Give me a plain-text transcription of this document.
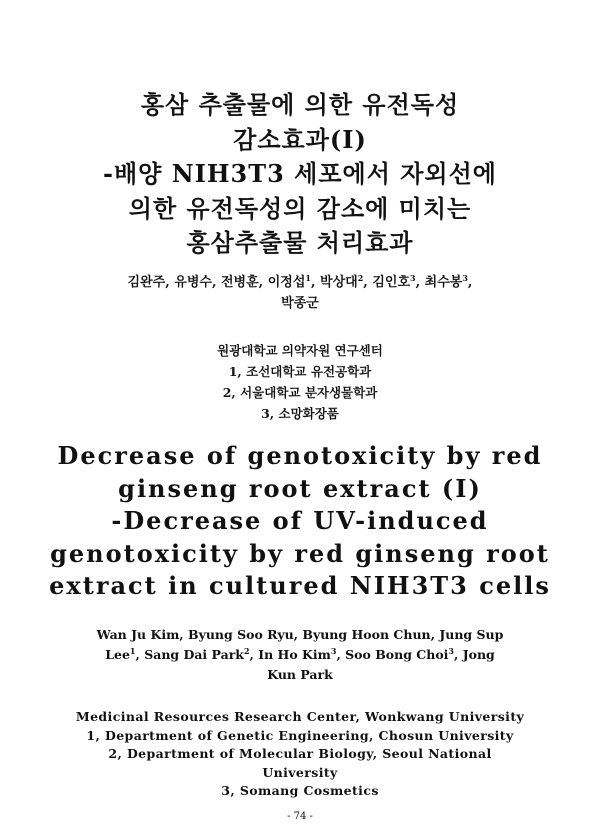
홍삼 추출물에 의한 유전독성
감소효과(I)
-배양 NIH3T3 세포에서 자외선에
의한 유전독성의 감소에 미치는
홍삼추출물 처리효과
김완주, 유병수, 전병훈, 이정섭$^1$, 박상대$^2$, 김인호$^3$, 최수봉$^3$,
박종군
원광대학교 의약자원 연구센터
1, 조선대학교 유전공학과
2, 서울대학교 분자생물학과
3, 소망화장품
Decrease of genotoxicity by red
ginseng root extract (I)
-Decrease of UV-induced
genotoxicity by red ginseng root
extract in cultured NIH3T3 cells
Wan Ju Kim, Byung Soo Ryu, Byung Hoon Chun, Jung Sup
Lee$^1$, Sang Dai Park$^2$, In Ho Kim$^3$, Soo Bong Choi$^3$, Jong
Kun Park
Medicinal Resources Research Center, Wonkwang University
1, Department of Genetic Engineering, Chosun University
2, Department of Molecular Biology, Seoul National
University
3, Somang Cosmetics
- 74 -
